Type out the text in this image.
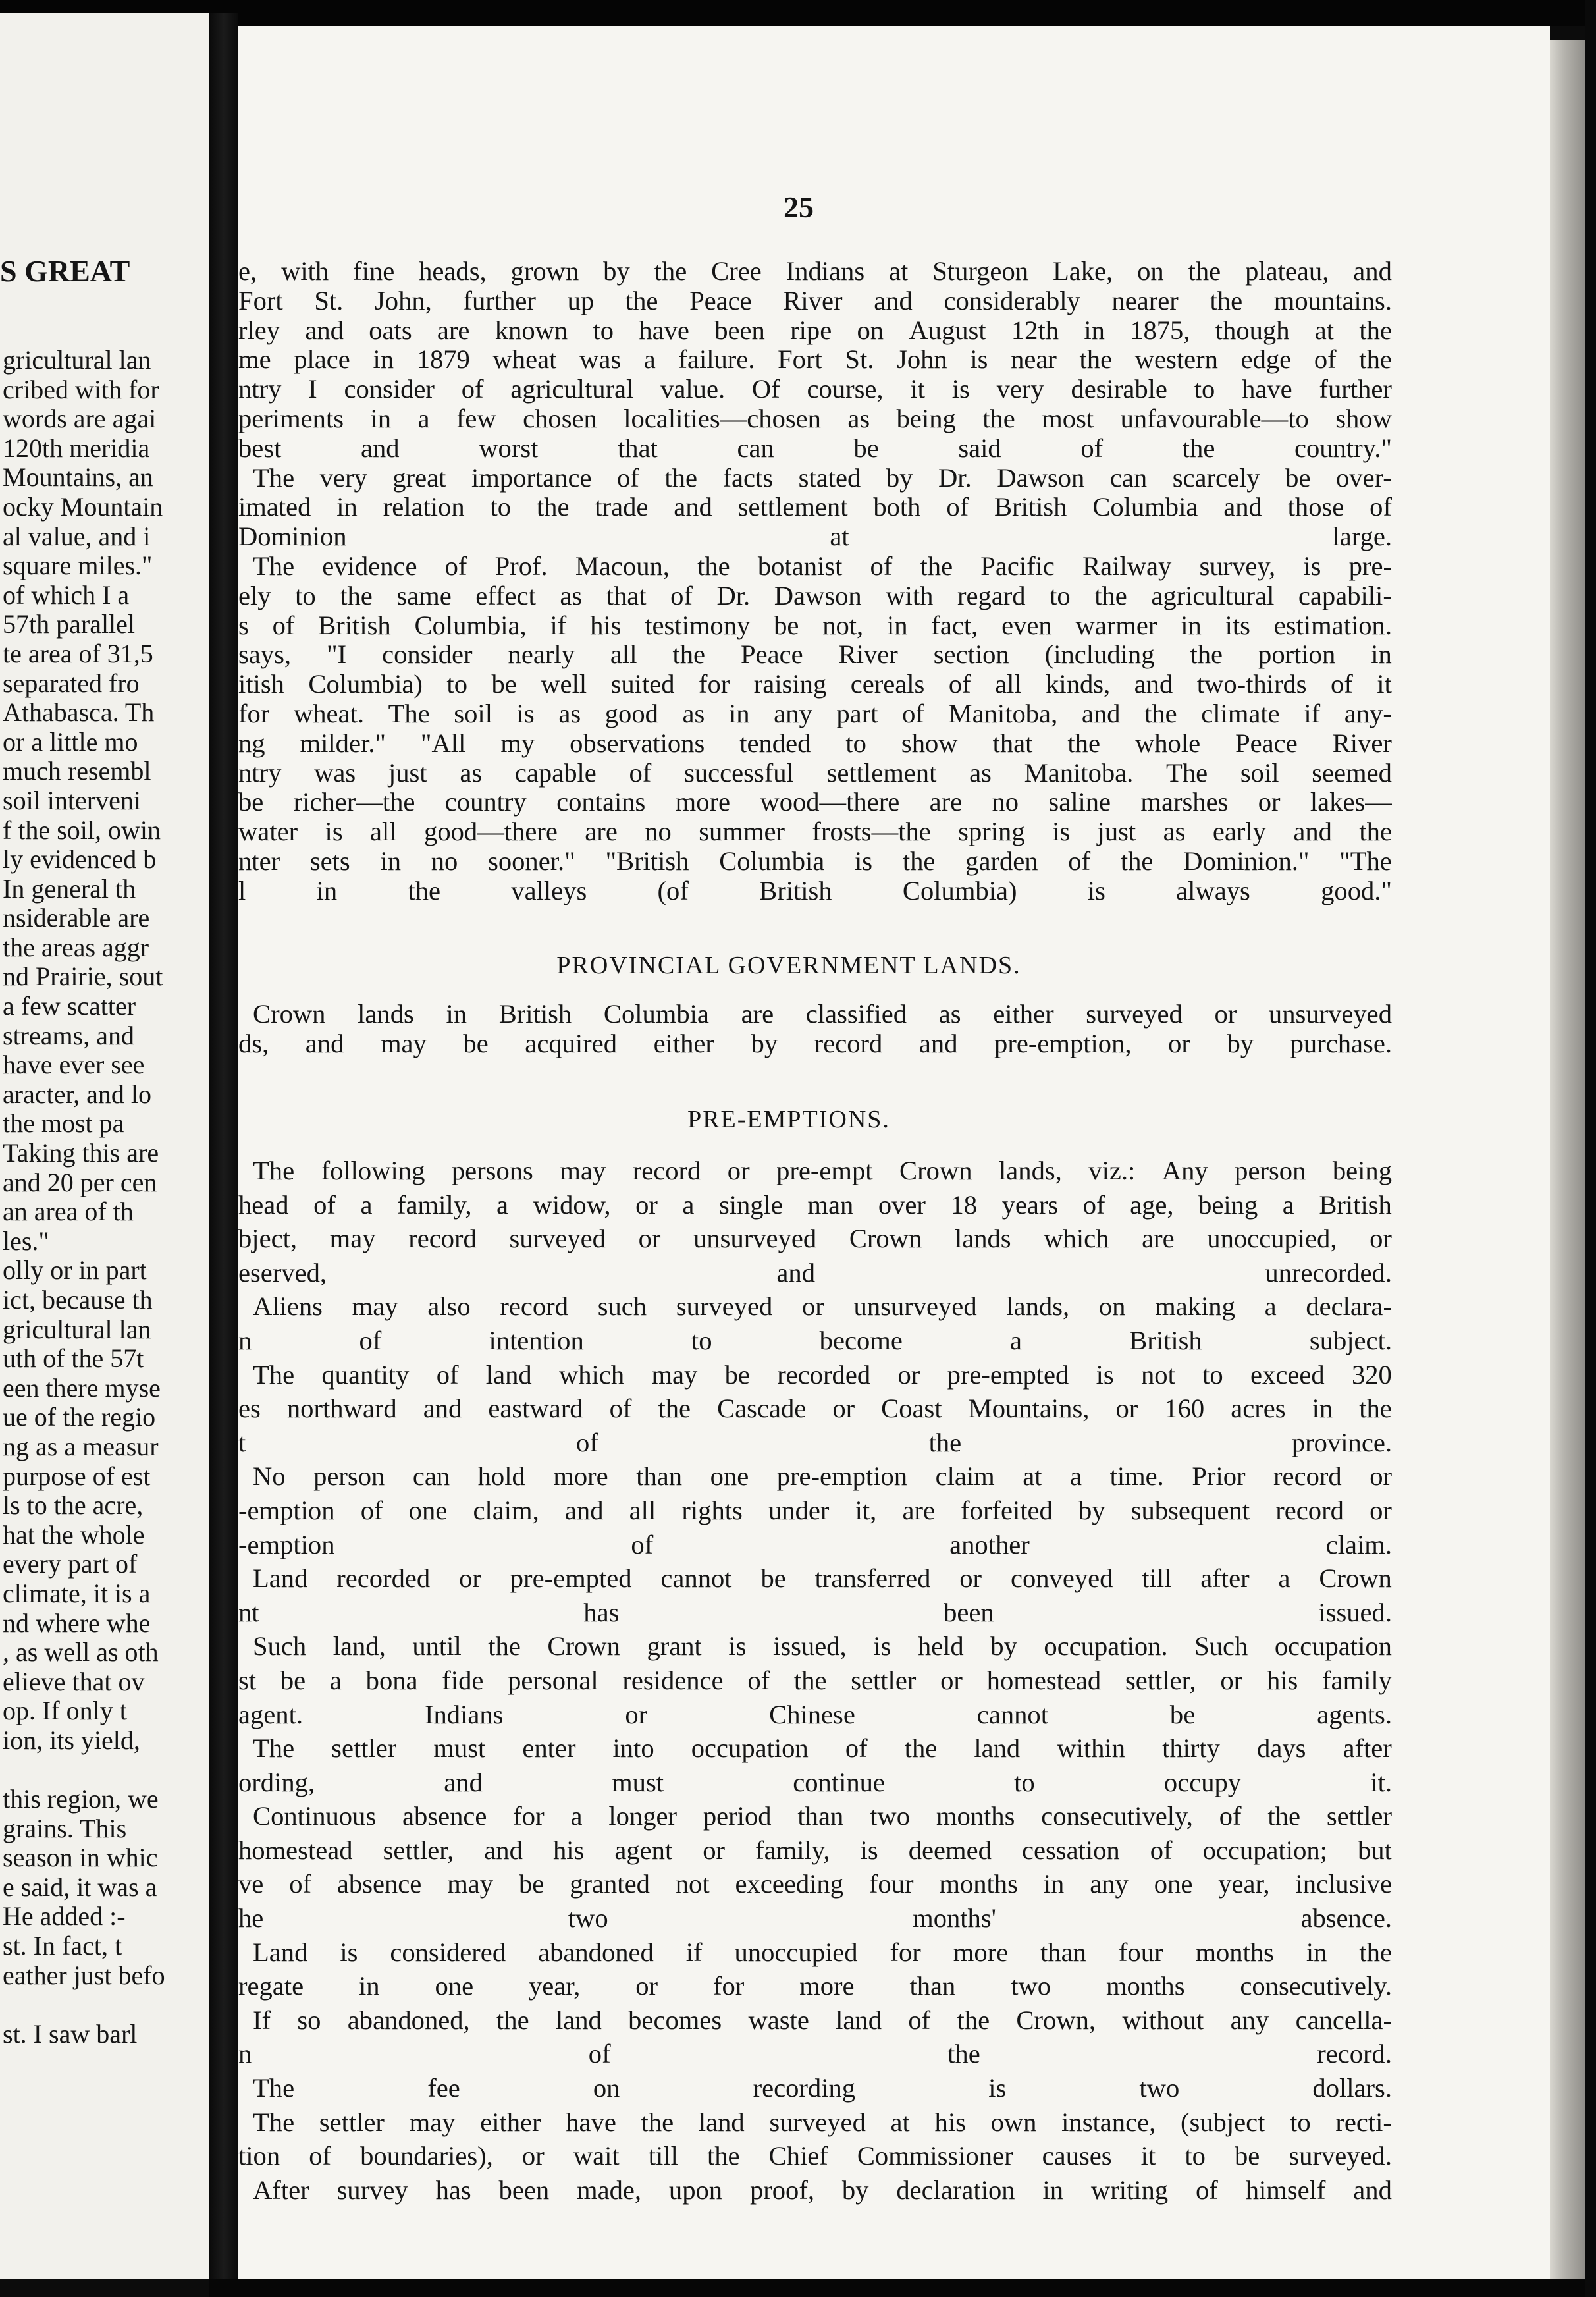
S GREAT
gricultural lan
cribed with for
words are agai
120th meridia
Mountains, an
ocky Mountain
al value, and i
square miles."
of which I a
57th parallel
te area of 31,5
separated fro
Athabasca. Th
or a little mo
much resembl
soil interveni
f the soil, owin
ly evidenced b
In general th
nsiderable are
the areas aggr
nd Prairie, sout
a few scatter
streams, and
have ever see
aracter, and lo
the most pa
Taking this are
and 20 per cen
an area of th
les."
olly or in part
ict, because th
gricultural lan
uth of the 57t
een there myse
ue of the regio
ng as a measur
purpose of est
ls to the acre,
hat the whole
every part of
climate, it is a
nd where whe
, as well as oth
elieve that ov
op. If only t
ion, its yield,
this region, we
grains. This
season in whic
e said, it was a
He added :-
st. In fact, t
eather just befo
st. I saw barl
25
e, with fine heads, grown by the Cree Indians at Sturgeon Lake, on the plateau, and
Fort St. John, further up the Peace River and considerably nearer the mountains.
rley and oats are known to have been ripe on August 12th in 1875, though at the
me place in 1879 wheat was a failure. Fort St. John is near the western edge of the
ntry I consider of agricultural value. Of course, it is very desirable to have further
periments in a few chosen localities—chosen as being the most unfavourable—to show
best and worst that can be said of the country."
The very great importance of the facts stated by Dr. Dawson can scarcely be over-
imated in relation to the trade and settlement both of British Columbia and those of
Dominion at large.
The evidence of Prof. Macoun, the botanist of the Pacific Railway survey, is pre-
ely to the same effect as that of Dr. Dawson with regard to the agricultural capabili-
s of British Columbia, if his testimony be not, in fact, even warmer in its estimation.
says, "I consider nearly all the Peace River section (including the portion in
itish Columbia) to be well suited for raising cereals of all kinds, and two-thirds of it
for wheat. The soil is as good as in any part of Manitoba, and the climate if any-
ng milder." "All my observations tended to show that the whole Peace River
ntry was just as capable of successful settlement as Manitoba. The soil seemed
be richer—the country contains more wood—there are no saline marshes or lakes—
water is all good—there are no summer frosts—the spring is just as early and the
nter sets in no sooner." "British Columbia is the garden of the Dominion." "The
l in the valleys (of British Columbia) is always good."
PROVINCIAL GOVERNMENT LANDS.
Crown lands in British Columbia are classified as either surveyed or unsurveyed
ds, and may be acquired either by record and pre-emption, or by purchase.
PRE-EMPTIONS.
The following persons may record or pre-empt Crown lands, viz.: Any person being
head of a family, a widow, or a single man over 18 years of age, being a British
bject, may record surveyed or unsurveyed Crown lands which are unoccupied, or
eserved, and unrecorded.
Aliens may also record such surveyed or unsurveyed lands, on making a declara-
n of intention to become a British subject.
The quantity of land which may be recorded or pre-empted is not to exceed 320
es northward and eastward of the Cascade or Coast Mountains, or 160 acres in the
t of the province.
No person can hold more than one pre-emption claim at a time. Prior record or
-emption of one claim, and all rights under it, are forfeited by subsequent record or
-emption of another claim.
Land recorded or pre-empted cannot be transferred or conveyed till after a Crown
nt has been issued.
Such land, until the Crown grant is issued, is held by occupation. Such occupation
st be a bona fide personal residence of the settler or homestead settler, or his family
agent. Indians or Chinese cannot be agents.
The settler must enter into occupation of the land within thirty days after
ording, and must continue to occupy it.
Continuous absence for a longer period than two months consecutively, of the settler
homestead settler, and his agent or family, is deemed cessation of occupation; but
ve of absence may be granted not exceeding four months in any one year, inclusive
he two months' absence.
Land is considered abandoned if unoccupied for more than four months in the
regate in one year, or for more than two months consecutively.
If so abandoned, the land becomes waste land of the Crown, without any cancella-
n of the record.
The fee on recording is two dollars.
The settler may either have the land surveyed at his own instance, (subject to recti-
tion of boundaries), or wait till the Chief Commissioner causes it to be surveyed.
After survey has been made, upon proof, by declaration in writing of himself and
